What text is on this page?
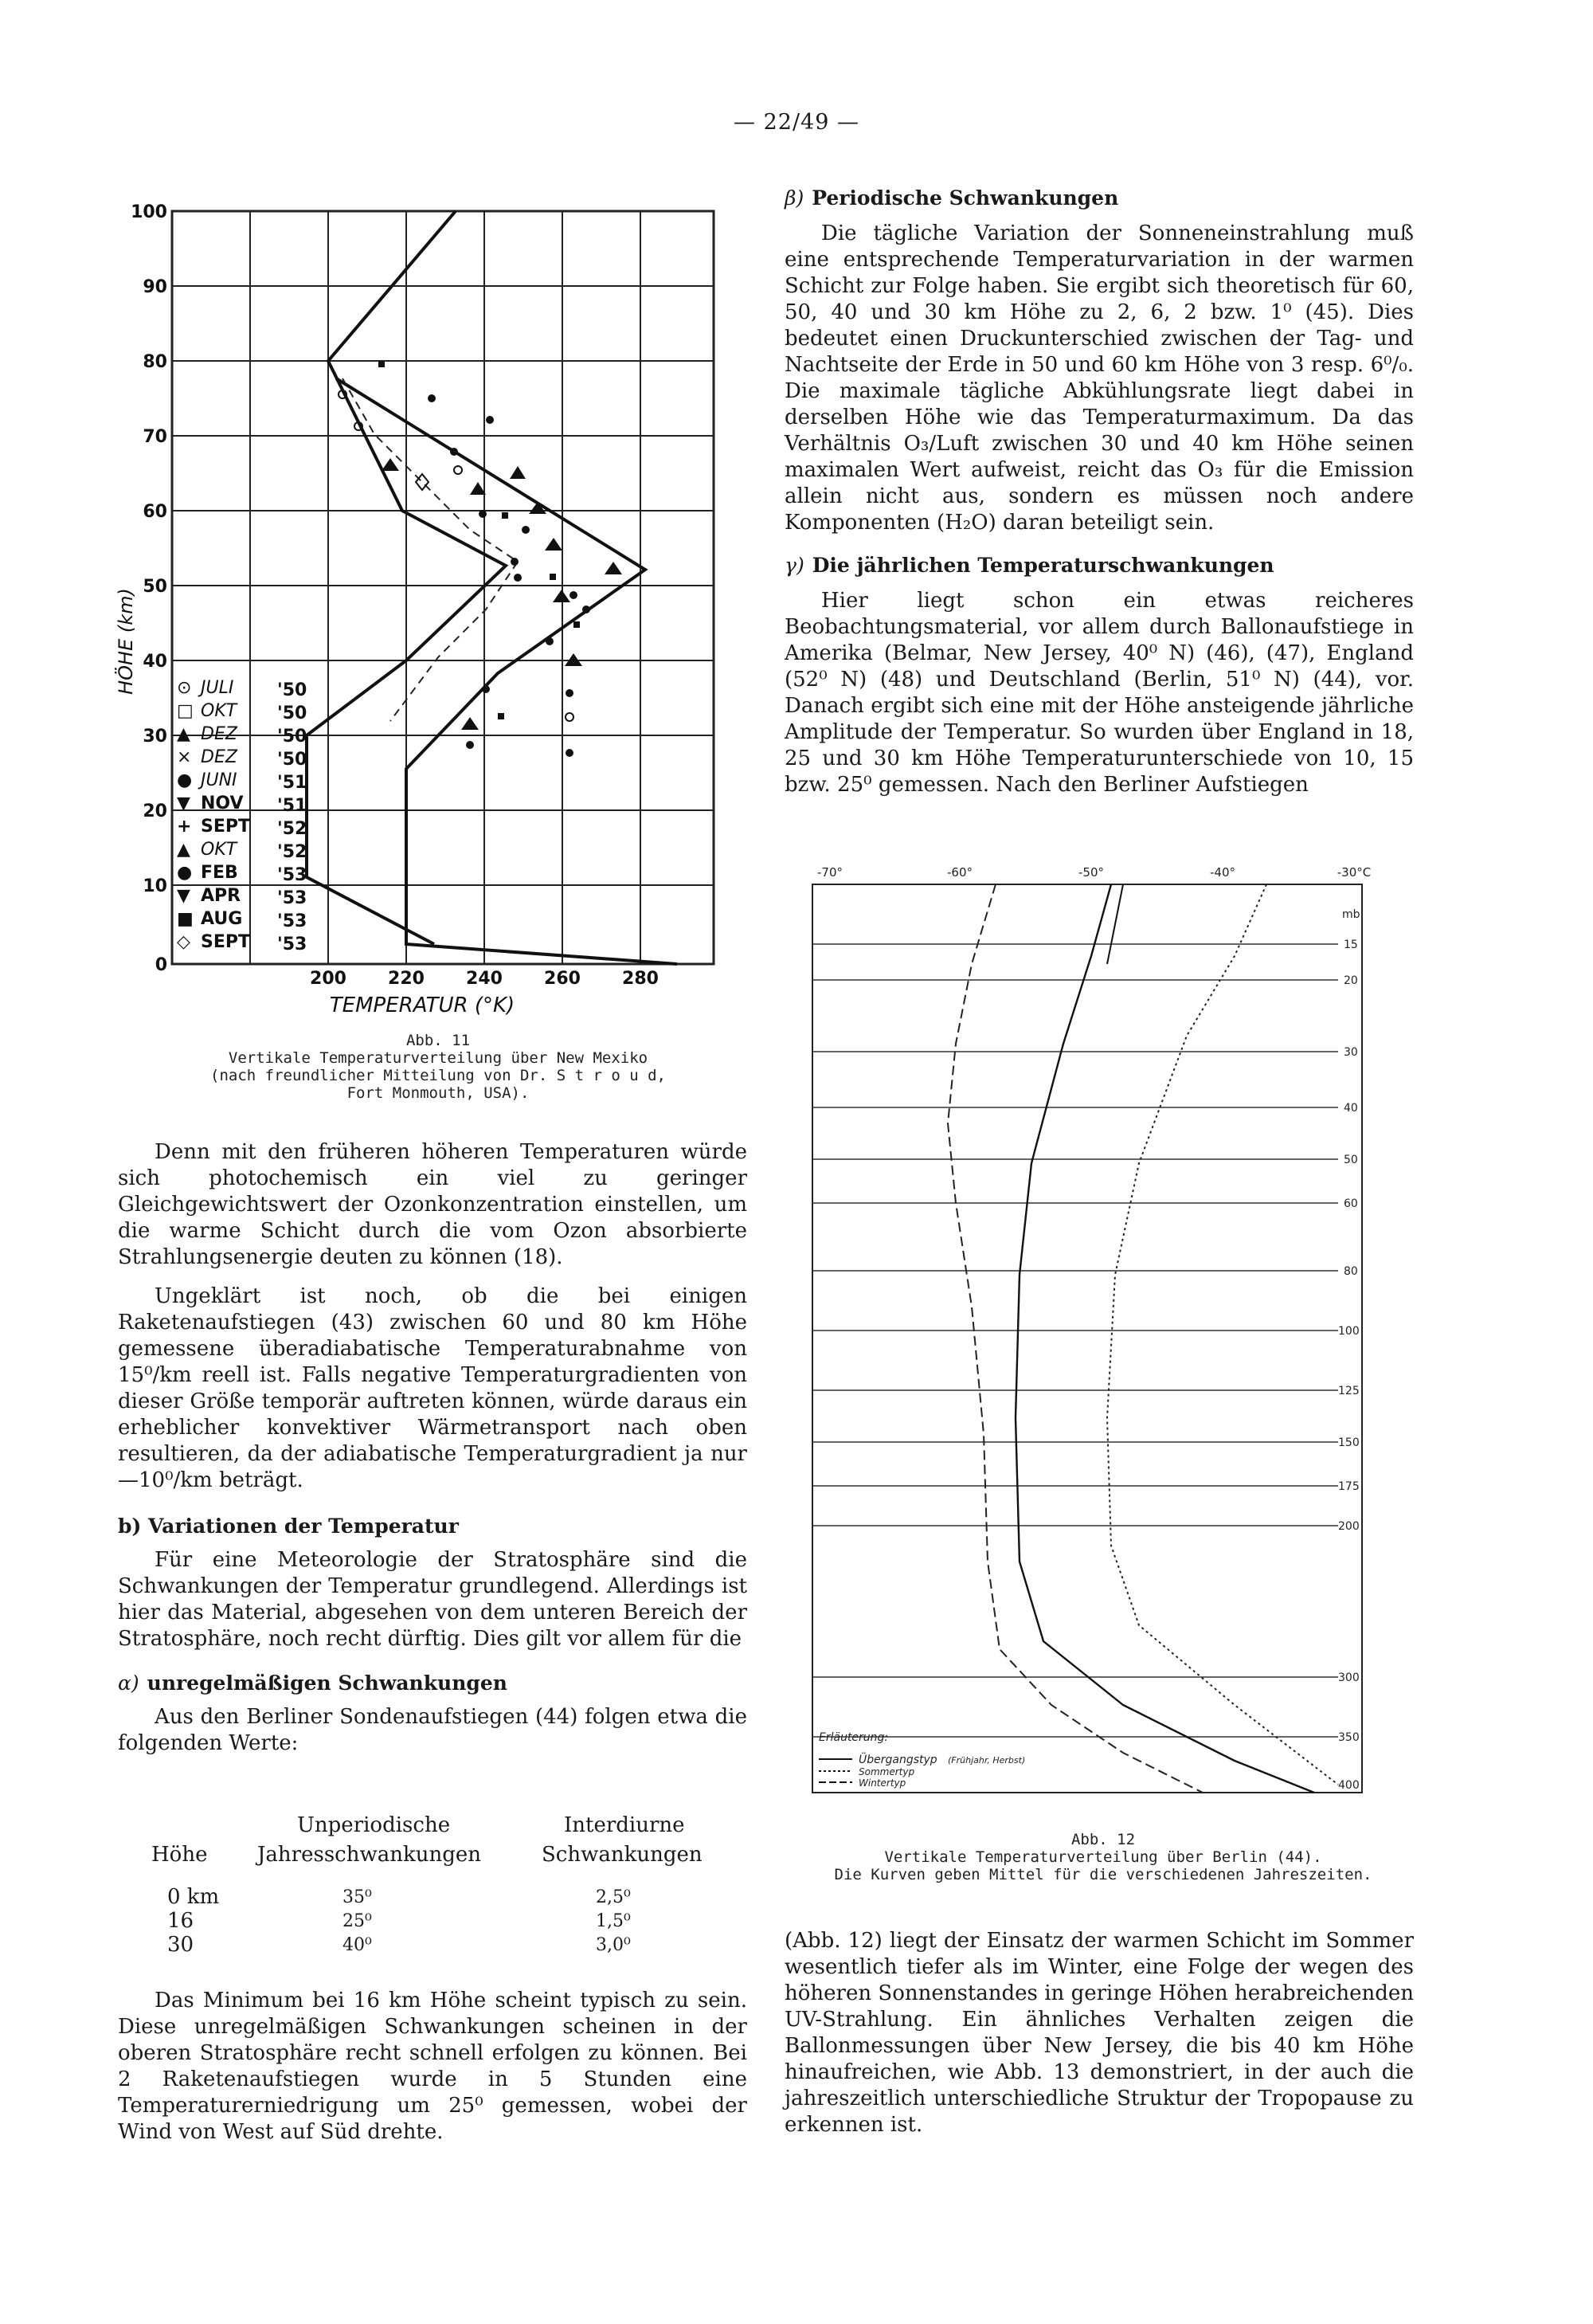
— 22/49 —
100
90
80
70
60
50
40
30
20
10
0
HÖHE (km)
200 220 240 260 280
TEMPERATUR (°K)
⊙ JULI '50
□ OKT '50
▲ DEZ '50
× DEZ '50
● JUNI '51
▼ NOV '51
+ SEPT '52
▲ OKT '52
● FEB '53
▼ APR '53
■ AUG '53
◇ SEPT '53
Abb. 11
Vertikale Temperaturverteilung über New Mexiko
(nach freundlicher Mitteilung von Dr. S t r o u d,
Fort Monmouth, USA).

Denn mit den früheren höheren Temperaturen würde sich photochemisch ein viel zu geringer Gleichgewichtswert der Ozonkonzentration einstellen, um die warme Schicht durch die vom Ozon absorbierte Strahlungsenergie deuten zu können (18).

Ungeklärt ist noch, ob die bei einigen Raketenaufstiegen (43) zwischen 60 und 80 km Höhe gemessene überadiabatische Temperaturabnahme von 15⁰/km reell ist. Falls negative Temperaturgradienten von dieser Größe temporär auftreten können, würde daraus ein erheblicher konvektiver Wärmetransport nach oben resultieren, da der adiabatische Temperaturgradient ja nur —10⁰/km beträgt.

b) Variationen der Temperatur

Für eine Meteorologie der Stratosphäre sind die Schwankungen der Temperatur grundlegend. Allerdings ist hier das Material, abgesehen von dem unteren Bereich der Stratosphäre, noch recht dürftig. Dies gilt vor allem für die

α) unregelmäßigen Schwankungen

Aus den Berliner Sondenaufstiegen (44) folgen etwa die folgenden Werte:

Unperiodische	Interdiurne
Höhe Jahresschwankungen	Schwankungen
0 km	35⁰	2,5⁰
16	25⁰	1,5⁰
30	40⁰	3,0⁰

Das Minimum bei 16 km Höhe scheint typisch zu sein. Diese unregelmäßigen Schwankungen scheinen in der oberen Stratosphäre recht schnell erfolgen zu können. Bei 2 Raketenaufstiegen wurde in 5 Stunden eine Temperaturerniedrigung um 25⁰ gemessen, wobei der Wind von West auf Süd drehte.

β) Periodische Schwankungen

Die tägliche Variation der Sonneneinstrahlung muß eine entsprechende Temperaturvariation in der warmen Schicht zur Folge haben. Sie ergibt sich theoretisch für 60, 50, 40 und 30 km Höhe zu 2, 6, 2 bzw. 1⁰ (45). Dies bedeutet einen Druckunterschied zwischen der Tag- und Nachtseite der Erde in 50 und 60 km Höhe von 3 resp. 6⁰/₀. Die maximale tägliche Abkühlungsrate liegt dabei in derselben Höhe wie das Temperaturmaximum. Da das Verhältnis O₃/Luft zwischen 30 und 40 km Höhe seinen maximalen Wert aufweist, reicht das O₃ für die Emission allein nicht aus, sondern es müssen noch andere Komponenten (H₂O) daran beteiligt sein.

γ) Die jährlichen Temperaturschwankungen

Hier liegt schon ein etwas reicheres Beobachtungsmaterial, vor allem durch Ballonaufstiege in Amerika (Belmar, New Jersey, 40⁰ N) (46), (47), England (52⁰ N) (48) und Deutschland (Berlin, 51⁰ N) (44), vor. Danach ergibt sich eine mit der Höhe ansteigende jährliche Amplitude der Temperatur. So wurden über England in 18, 25 und 30 km Höhe Temperaturunterschiede von 10, 15 bzw. 25⁰ gemessen. Nach den Berliner Aufstiegen

-70°	-60°	-50°	-40°	-30°C
mb
15
20
30
40
50
60
80
100
125
150
175
200
300
350
400
Erläuterung:
Übergangstyp (Frühjahr, Herbst)
Sommertyp
Wintertyp
Abb. 12
Vertikale Temperaturverteilung über Berlin (44).
Die Kurven geben Mittel für die verschiedenen Jahreszeiten.

(Abb. 12) liegt der Einsatz der warmen Schicht im Sommer wesentlich tiefer als im Winter, eine Folge der wegen des höheren Sonnenstandes in geringe Höhen herabreichenden UV-Strahlung. Ein ähnliches Verhalten zeigen die Ballonmessungen über New Jersey, die bis 40 km Höhe hinaufreichen, wie Abb. 13 demonstriert, in der auch die jahreszeitlich unterschiedliche Struktur der Tropopause zu erkennen ist.
